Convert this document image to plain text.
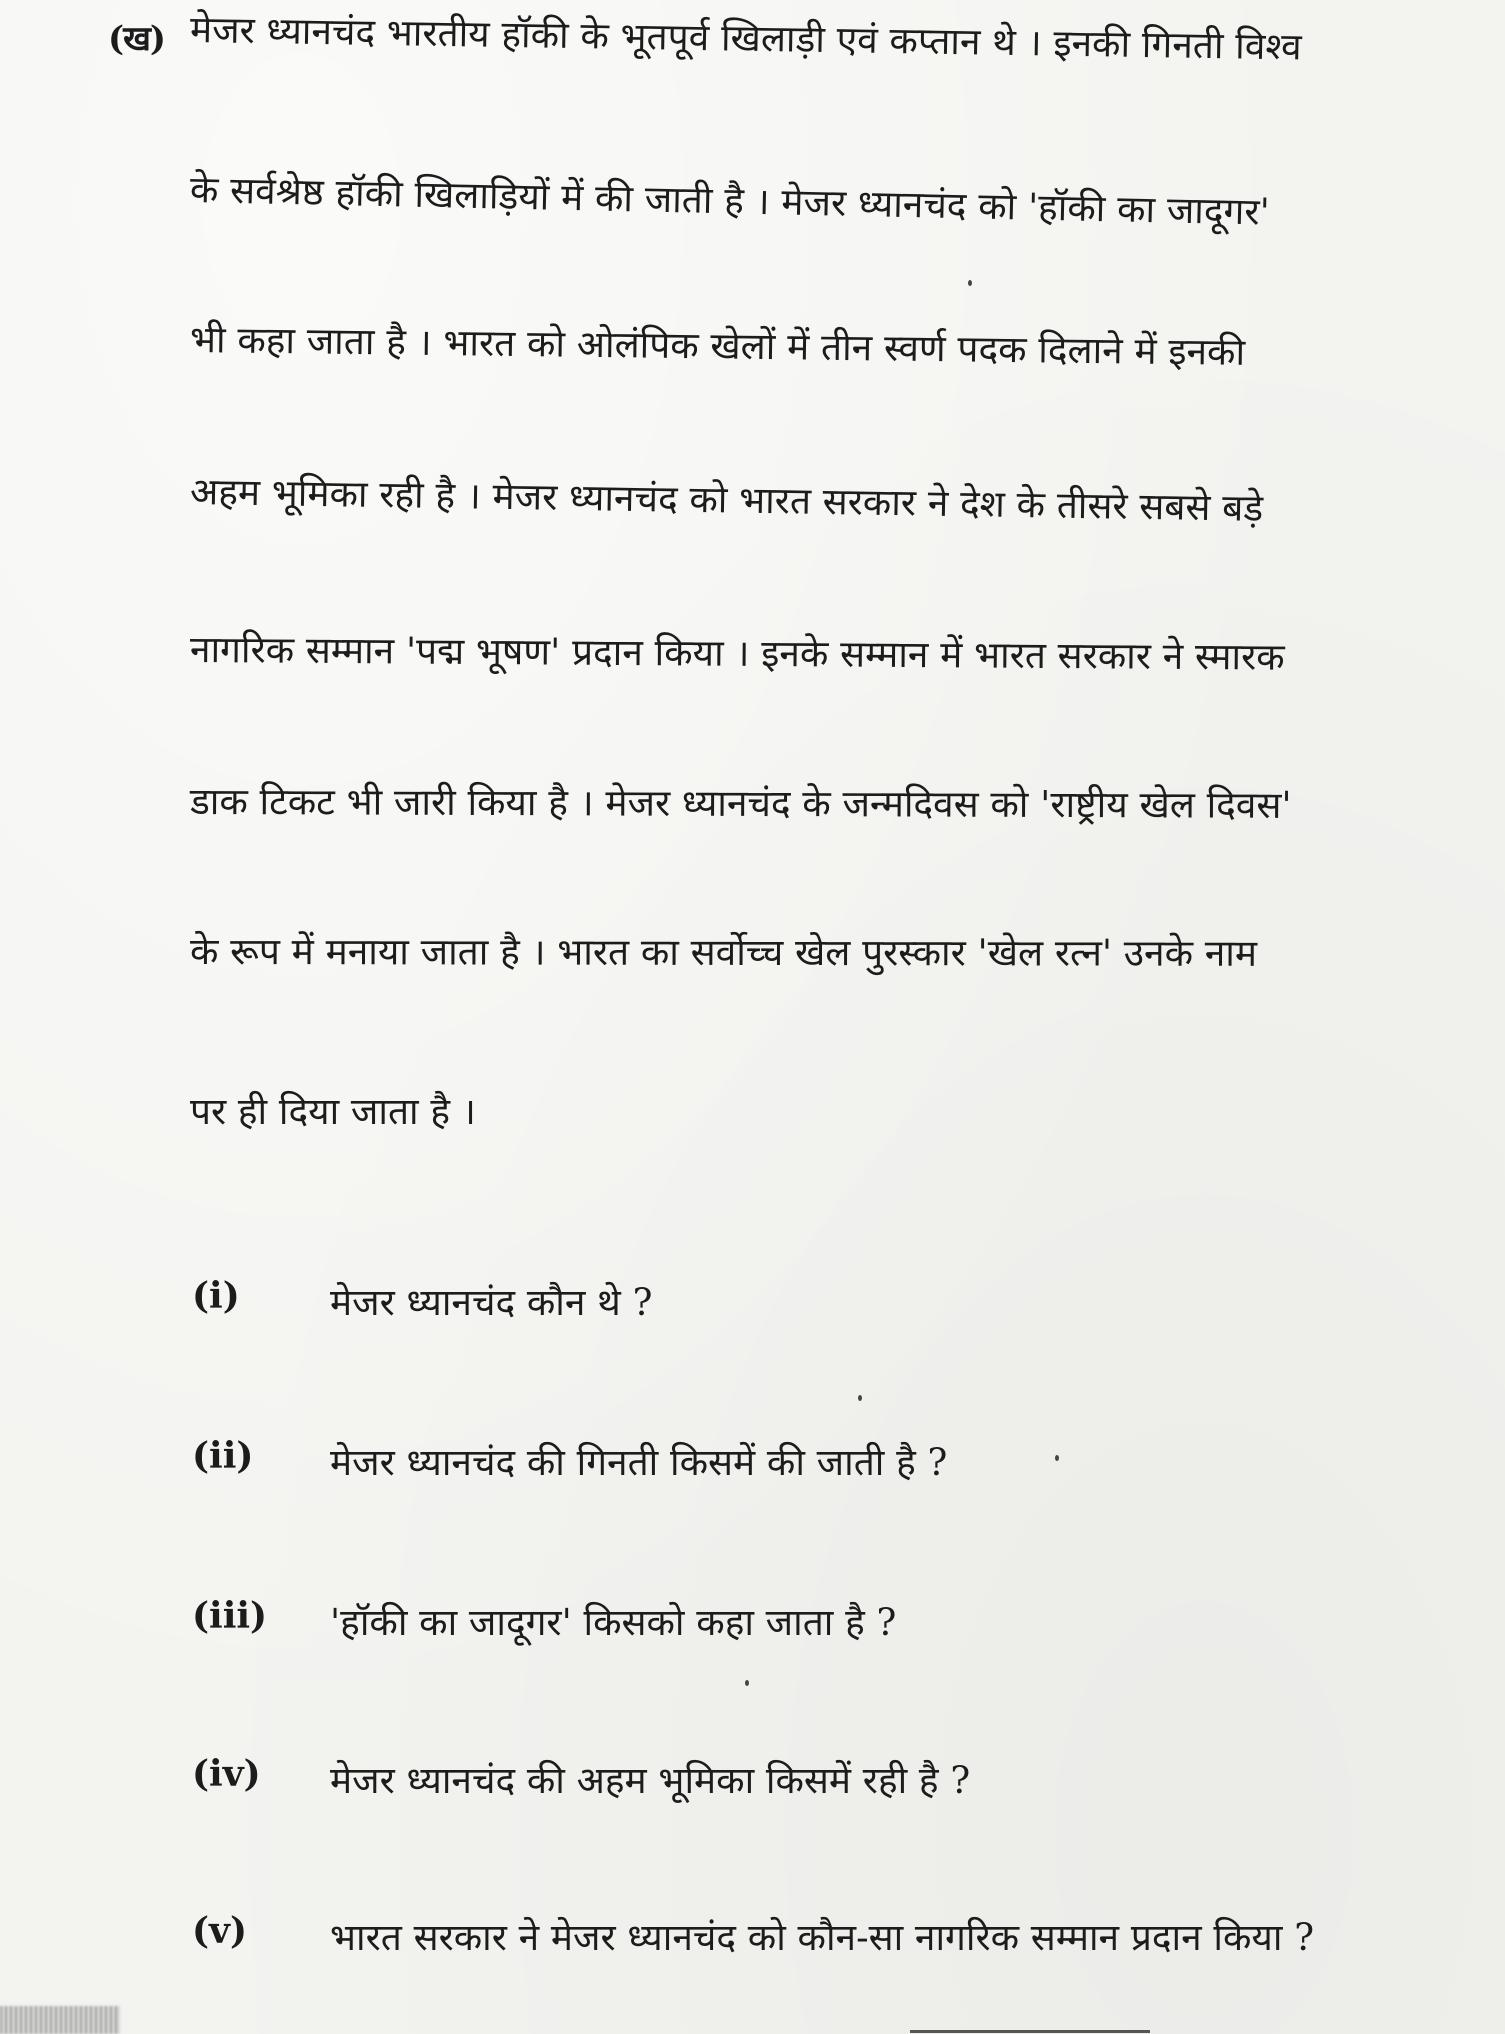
(ख) मेजर ध्यानचंद भारतीय हॉकी के भूतपूर्व खिलाड़ी एवं कप्तान थे । इनकी गिनती विश्व
के सर्वश्रेष्ठ हॉकी खिलाड़ियों में की जाती है । मेजर ध्यानचंद को 'हॉकी का जादूगर'
भी कहा जाता है । भारत को ओलंपिक खेलों में तीन स्वर्ण पदक दिलाने में इनकी
अहम भूमिका रही है । मेजर ध्यानचंद को भारत सरकार ने देश के तीसरे सबसे बड़े
नागरिक सम्मान 'पद्म भूषण' प्रदान किया । इनके सम्मान में भारत सरकार ने स्मारक
डाक टिकट भी जारी किया है । मेजर ध्यानचंद के जन्मदिवस को 'राष्ट्रीय खेल दिवस'
के रूप में मनाया जाता है । भारत का सर्वोच्च खेल पुरस्कार 'खेल रत्न' उनके नाम
पर ही दिया जाता है ।
(i) मेजर ध्यानचंद कौन थे ?
(ii) मेजर ध्यानचंद की गिनती किसमें की जाती है ?
(iii) 'हॉकी का जादूगर' किसको कहा जाता है ?
(iv) मेजर ध्यानचंद की अहम भूमिका किसमें रही है ?
(v) भारत सरकार ने मेजर ध्यानचंद को कौन-सा नागरिक सम्मान प्रदान किया ?
